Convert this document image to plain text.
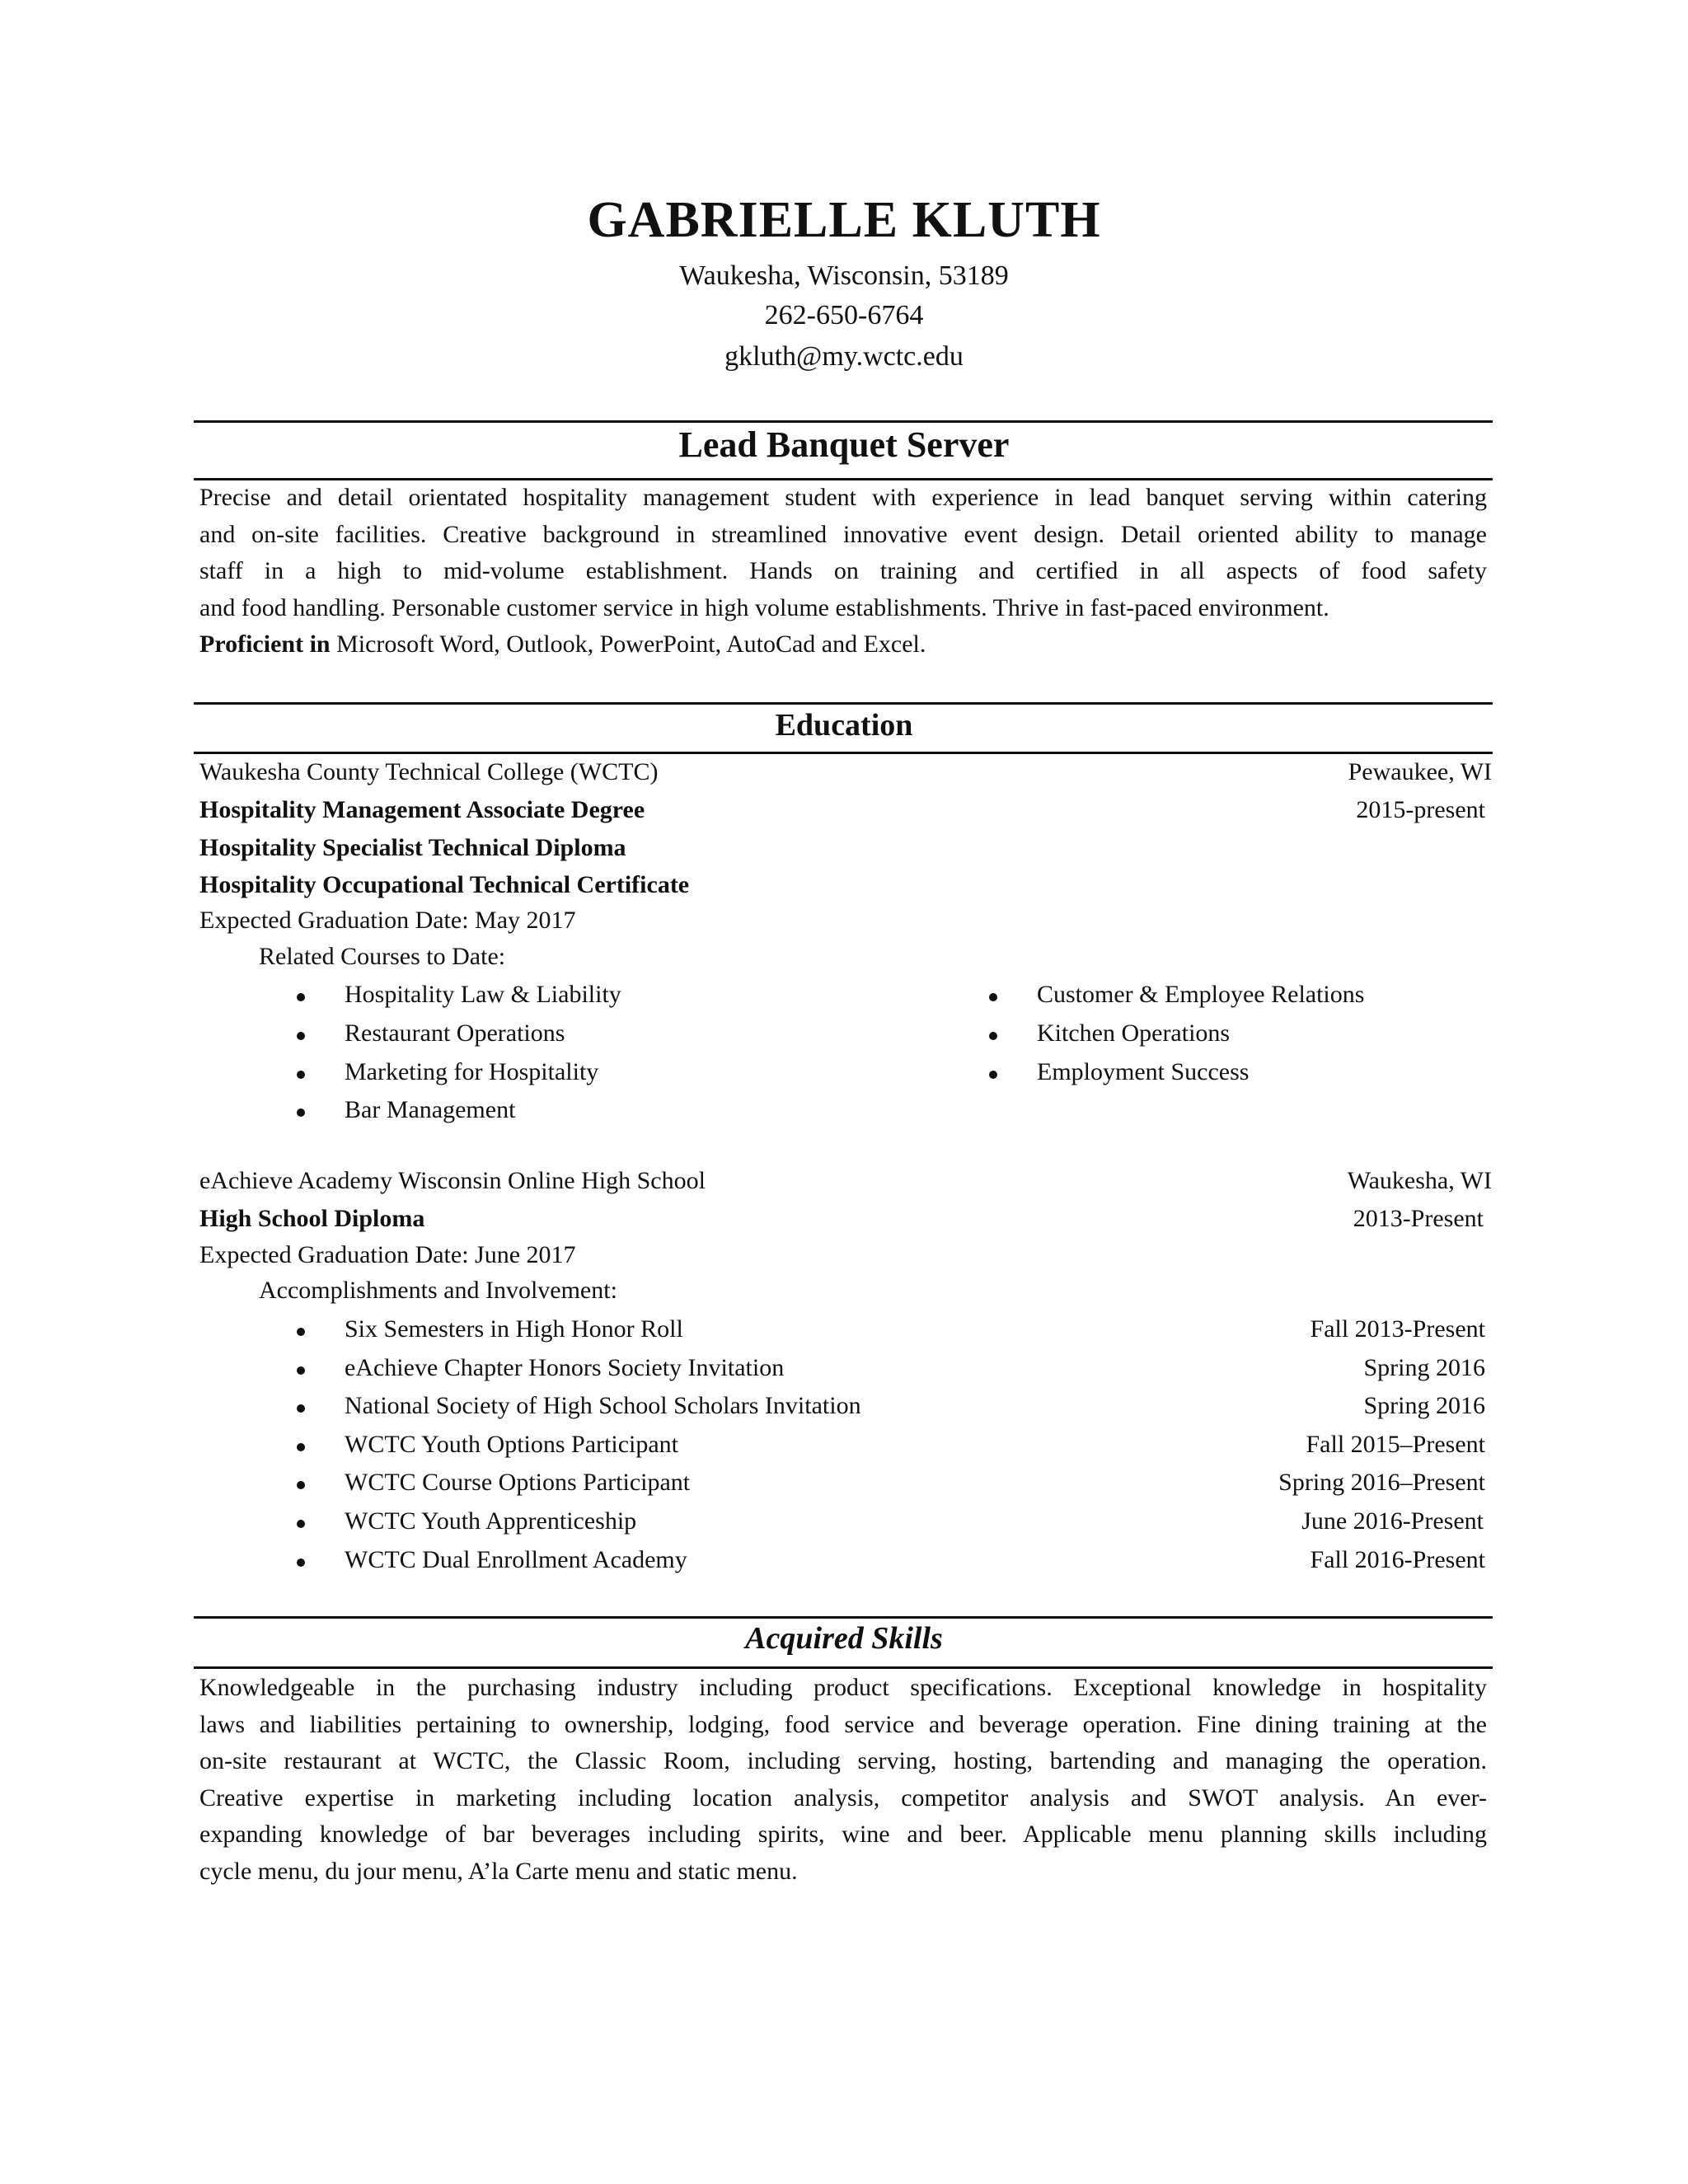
GABRIELLE KLUTH
Waukesha, Wisconsin, 53189
262-650-6764
gkluth@my.wctc.edu
Lead Banquet Server
Precise and detail orientated hospitality management student with experience in lead banquet serving within catering
and on-site facilities. Creative background in streamlined innovative event design. Detail oriented ability to manage
staff in a high to mid-volume establishment. Hands on training and certified in all aspects of food safety
and food handling. Personable customer service in high volume establishments. Thrive in fast-paced environment.
Proficient in Microsoft Word, Outlook, PowerPoint, AutoCad and Excel.
Education
Waukesha County Technical College (WCTC)	Pewaukee, WI
Hospitality Management Associate Degree	2015-present
Hospitality Specialist Technical Diploma
Hospitality Occupational Technical Certificate
Expected Graduation Date: May 2017
Related Courses to Date:
Hospitality Law & Liability
Restaurant Operations
Marketing for Hospitality
Bar Management
Customer & Employee Relations
Kitchen Operations
Employment Success
eAchieve Academy Wisconsin Online High School	Waukesha, WI
High School Diploma	2013-Present
Expected Graduation Date: June 2017
Accomplishments and Involvement:
Six Semesters in High Honor Roll	Fall 2013-Present
eAchieve Chapter Honors Society Invitation	Spring 2016
National Society of High School Scholars Invitation	Spring 2016
WCTC Youth Options Participant	Fall 2015–Present
WCTC Course Options Participant	Spring 2016–Present
WCTC Youth Apprenticeship	June 2016-Present
WCTC Dual Enrollment Academy	Fall 2016-Present
Acquired Skills
Knowledgeable in the purchasing industry including product specifications. Exceptional knowledge in hospitality
laws and liabilities pertaining to ownership, lodging, food service and beverage operation. Fine dining training at the
on-site restaurant at WCTC, the Classic Room, including serving, hosting, bartending and managing the operation.
Creative expertise in marketing including location analysis, competitor analysis and SWOT analysis. An ever-
expanding knowledge of bar beverages including spirits, wine and beer. Applicable menu planning skills including
cycle menu, du jour menu, A’la Carte menu and static menu.
